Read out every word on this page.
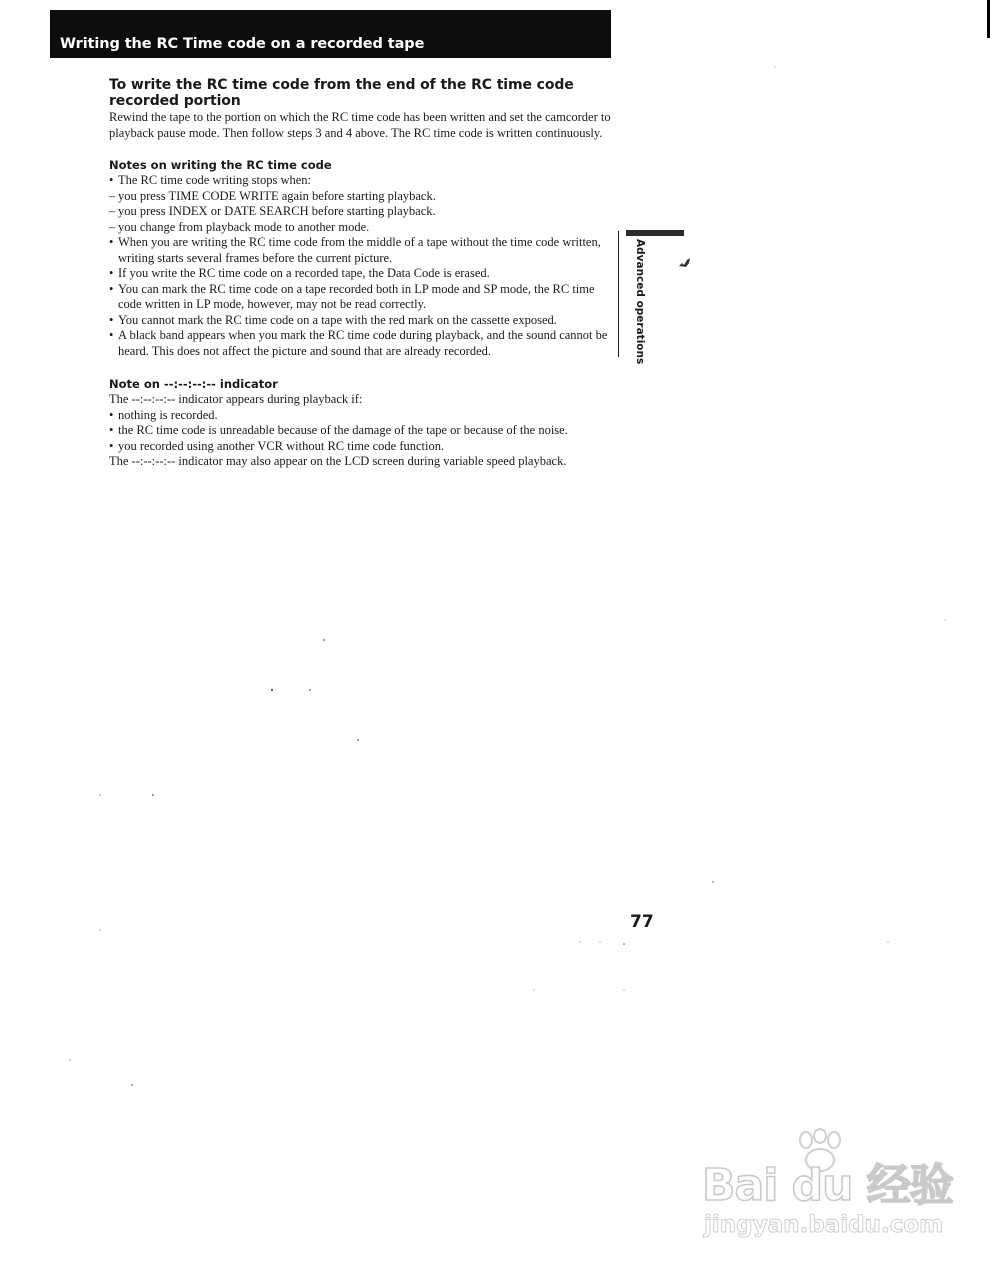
Writing the RC Time code on a recorded tape
To write the RC time code from the end of the RC time code recorded portion

Rewind the tape to the portion on which the RC time code has been written and set the camcorder to playback pause mode. Then follow steps 3 and 4 above. The RC time code is written continuously.

Notes on writing the RC time code
• The RC time code writing stops when:
– you press TIME CODE WRITE again before starting playback.
– you press INDEX or DATE SEARCH before starting playback.
– you change from playback mode to another mode.
• When you are writing the RC time code from the middle of a tape without the time code written, writing starts several frames before the current picture.
• If you write the RC time code on a recorded tape, the Data Code is erased.
• You can mark the RC time code on a tape recorded both in LP mode and SP mode, the RC time code written in LP mode, however, may not be read correctly.
• You cannot mark the RC time code on a tape with the red mark on the cassette exposed.
• A black band appears when you mark the RC time code during playback, and the sound cannot be heard. This does not affect the picture and sound that are already recorded.
Note on --:--:--:-- indicator

The --:--:--:-- indicator appears during playback if:

• nothing is recorded.
• the RC time code is unreadable because of the damage of the tape or because of the noise.
• you recorded using another VCR without RC time code function.

The --:--:--:-- indicator may also appear on the LCD screen during variable speed playback.

Advanced operations
77
Bai du 经验
jingyan.baidu.com
